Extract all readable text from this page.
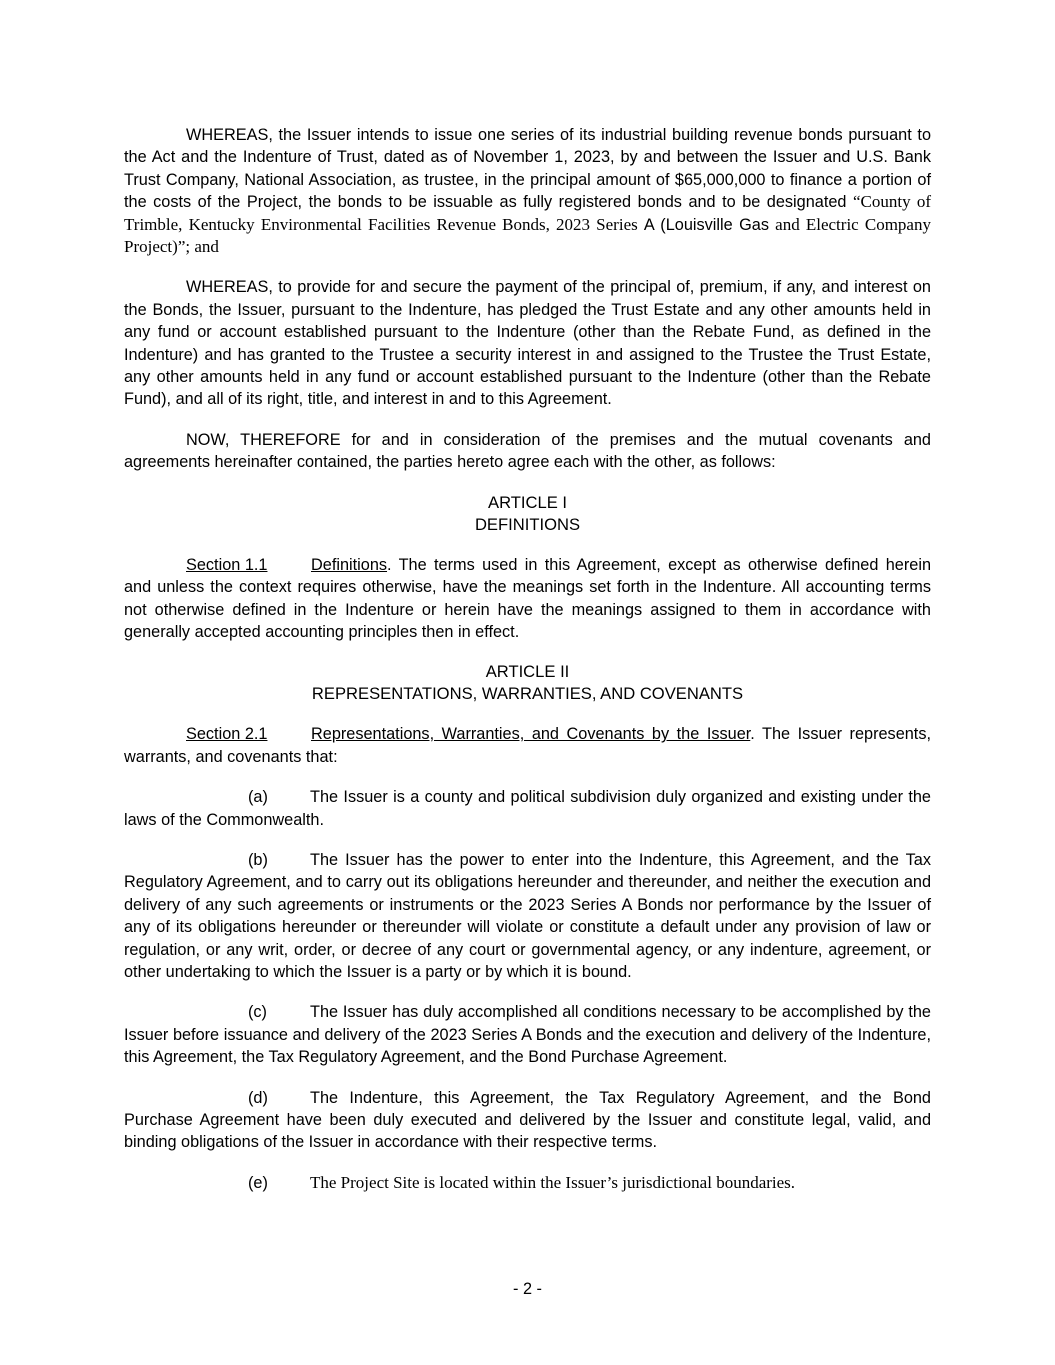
WHEREAS, the Issuer intends to issue one series of its industrial building revenue bonds pursuant to the Act and the Indenture of Trust, dated as of November 1, 2023, by and between the Issuer and U.S. Bank Trust Company, National Association, as trustee, in the principal amount of $65,000,000 to finance a portion of the costs of the Project, the bonds to be issuable as fully registered bonds and to be designated “County of Trimble, Kentucky Environmental Facilities Revenue Bonds, 2023 Series A (Louisville Gas and Electric Company Project)”; and

WHEREAS, to provide for and secure the payment of the principal of, premium, if any, and interest on the Bonds, the Issuer, pursuant to the Indenture, has pledged the Trust Estate and any other amounts held in any fund or account established pursuant to the Indenture (other than the Rebate Fund, as defined in the Indenture) and has granted to the Trustee a security interest in and assigned to the Trustee the Trust Estate, any other amounts held in any fund or account established pursuant to the Indenture (other than the Rebate Fund), and all of its right, title, and interest in and to this Agreement.

NOW, THEREFORE for and in consideration of the premises and the mutual covenants and agreements hereinafter contained, the parties hereto agree each with the other, as follows:

ARTICLE I
DEFINITIONS

Section 1.1	Definitions. The terms used in this Agreement, except as otherwise defined herein and unless the context requires otherwise, have the meanings set forth in the Indenture. All accounting terms not otherwise defined in the Indenture or herein have the meanings assigned to them in accordance with generally accepted accounting principles then in effect.

ARTICLE II
REPRESENTATIONS, WARRANTIES, AND COVENANTS

Section 2.1	Representations, Warranties, and Covenants by the Issuer. The Issuer represents, warrants, and covenants that:

(a)	The Issuer is a county and political subdivision duly organized and existing under the laws of the Commonwealth.

(b)	The Issuer has the power to enter into the Indenture, this Agreement, and the Tax Regulatory Agreement, and to carry out its obligations hereunder and thereunder, and neither the execution and delivery of any such agreements or instruments or the 2023 Series A Bonds nor performance by the Issuer of any of its obligations hereunder or thereunder will violate or constitute a default under any provision of law or regulation, or any writ, order, or decree of any court or governmental agency, or any indenture, agreement, or other undertaking to which the Issuer is a party or by which it is bound.

(c)	The Issuer has duly accomplished all conditions necessary to be accomplished by the Issuer before issuance and delivery of the 2023 Series A Bonds and the execution and delivery of the Indenture, this Agreement, the Tax Regulatory Agreement, and the Bond Purchase Agreement.

(d)	The Indenture, this Agreement, the Tax Regulatory Agreement, and the Bond Purchase Agreement have been duly executed and delivered by the Issuer and constitute legal, valid, and binding obligations of the Issuer in accordance with their respective terms.

(e) The Project Site is located within the Issuer’s jurisdictional boundaries.

- 2 -
